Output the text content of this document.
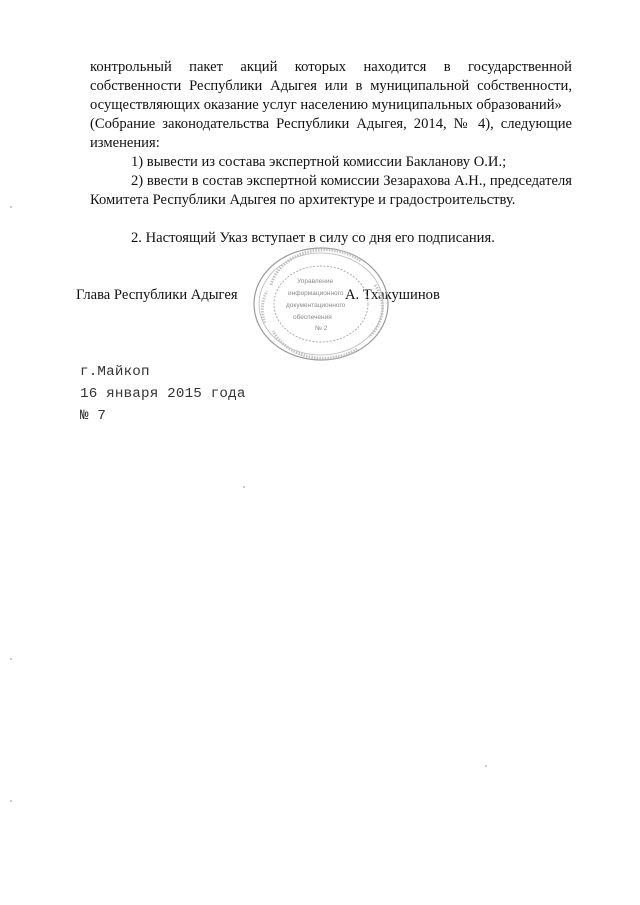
контрольный пакет акций которых находится в государственной
собственности Республики Адыгея или в муниципальной собственности,
осуществляющих оказание услуг населению муниципальных образований»
(Собрание законодательства Республики Адыгея, 2014, № 4), следующие
изменения:
1) вывести из состава экспертной комиссии Бакланову О.И.;
2) ввести в состав экспертной комиссии Зезарахова А.Н., председателя
Комитета Республики Адыгея по архитектуре и градостроительству.
2. Настоящий Указ вступает в силу со дня его подписания.
Глава Республики Адыгея	А. Тхакушинов
Управление
информационного
документационного
обеспечения
№ 2
г.Майкоп
16 января 2015 года
№ 7
